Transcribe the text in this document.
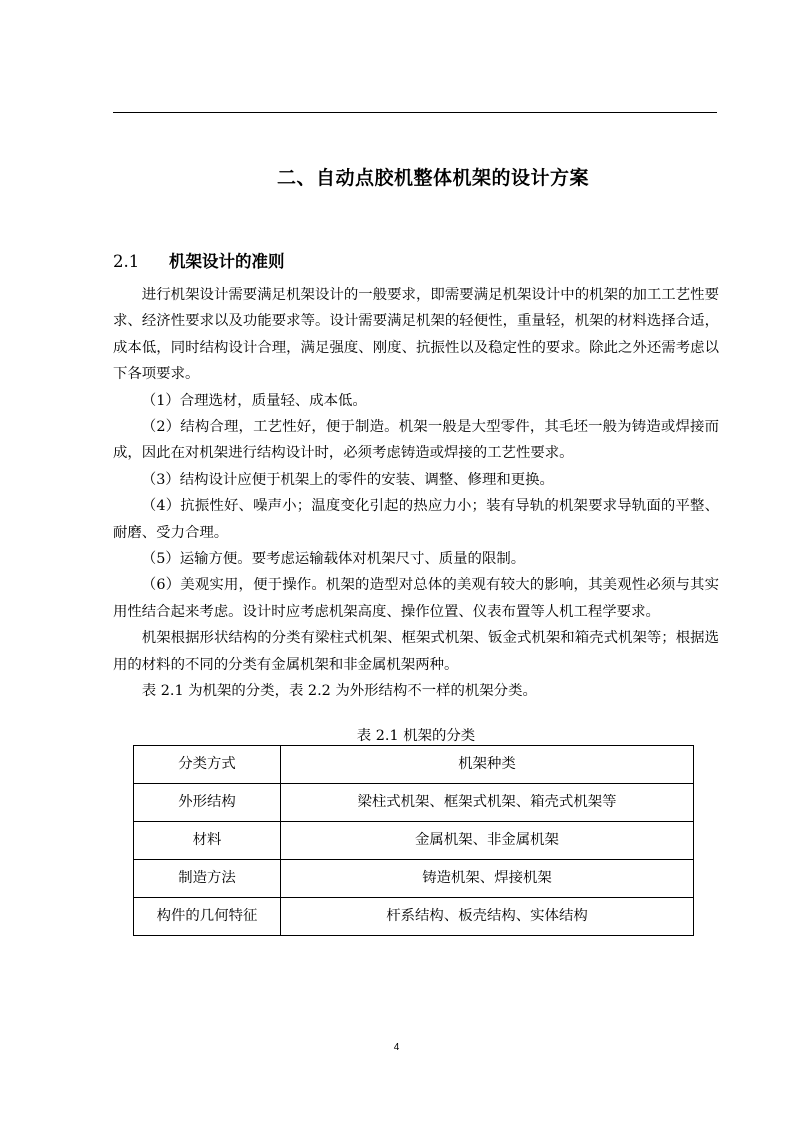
二、自动点胶机整体机架的设计方案
2.1 机架设计的准则

进行机架设计需要满足机架设计的一般要求，即需要满足机架设计中的机架的加工工艺性要求、经济性要求以及功能要求等。设计需要满足机架的轻便性，重量轻，机架的材料选择合适，成本低，同时结构设计合理，满足强度、刚度、抗振性以及稳定性的要求。除此之外还需考虑以下各项要求。

（1）合理选材，质量轻、成本低。

（2）结构合理，工艺性好，便于制造。机架一般是大型零件，其毛坯一般为铸造或焊接而成，因此在对机架进行结构设计时，必须考虑铸造或焊接的工艺性要求。

（3）结构设计应便于机架上的零件的安装、调整、修理和更换。

（4）抗振性好、噪声小；温度变化引起的热应力小；装有导轨的机架要求导轨面的平整、耐磨、受力合理。

（5）运输方便。要考虑运输载体对机架尺寸、质量的限制。

（6）美观实用，便于操作。机架的造型对总体的美观有较大的影响，其美观性必须与其实用性结合起来考虑。设计时应考虑机架高度、操作位置、仪表布置等人机工程学要求。

机架根据形状结构的分类有梁柱式机架、框架式机架、钣金式机架和箱壳式机架等；根据选用的材料的不同的分类有金属机架和非金属机架两种。

表 2.1 为机架的分类，表 2.2 为外形结构不一样的机架分类。

表 2.1 机架的分类
分类方式	机架种类
外形结构	梁柱式机架、框架式机架、箱壳式机架等
材料	金属机架、非金属机架
制造方法	铸造机架、焊接机架
构件的几何特征	杆系结构、板壳结构、实体结构
4
